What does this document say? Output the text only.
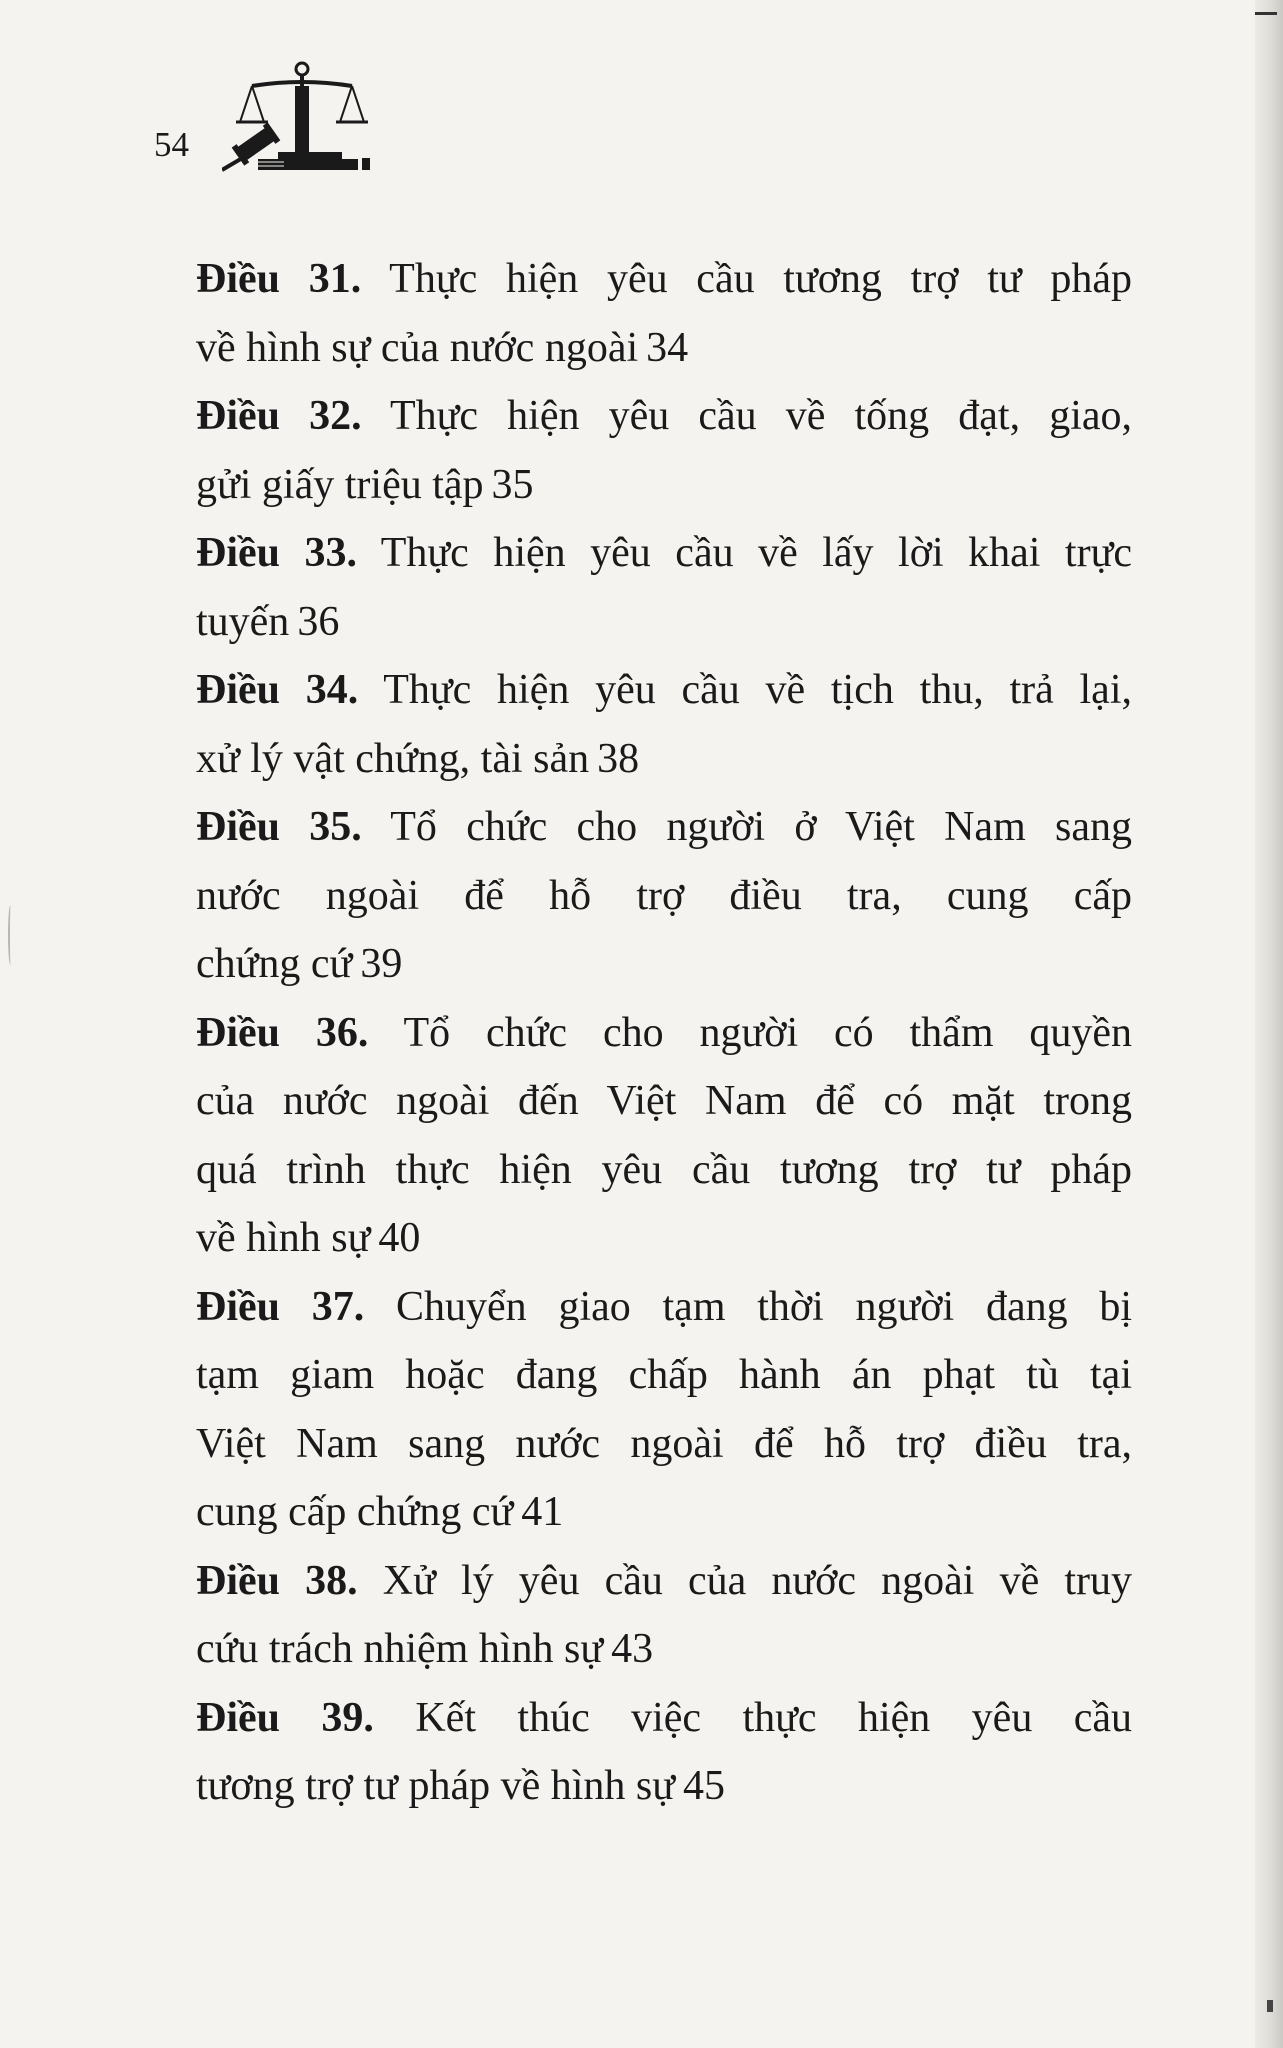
54
Điều 31. Thực hiện yêu cầu tương trợ tư pháp
về hình sự của nước ngoài 34
Điều 32. Thực hiện yêu cầu về tống đạt, giao,
gửi giấy triệu tập 35
Điều 33. Thực hiện yêu cầu về lấy lời khai trực
tuyến 36
Điều 34. Thực hiện yêu cầu về tịch thu, trả lại,
xử lý vật chứng, tài sản 38
Điều 35. Tổ chức cho người ở Việt Nam sang
nước ngoài để hỗ trợ điều tra, cung cấp
chứng cứ 39
Điều 36. Tổ chức cho người có thẩm quyền
của nước ngoài đến Việt Nam để có mặt trong
quá trình thực hiện yêu cầu tương trợ tư pháp
về hình sự 40
Điều 37. Chuyển giao tạm thời người đang bị
tạm giam hoặc đang chấp hành án phạt tù tại
Việt Nam sang nước ngoài để hỗ trợ điều tra,
cung cấp chứng cứ 41
Điều 38. Xử lý yêu cầu của nước ngoài về truy
cứu trách nhiệm hình sự 43
Điều 39. Kết thúc việc thực hiện yêu cầu
tương trợ tư pháp về hình sự 45
